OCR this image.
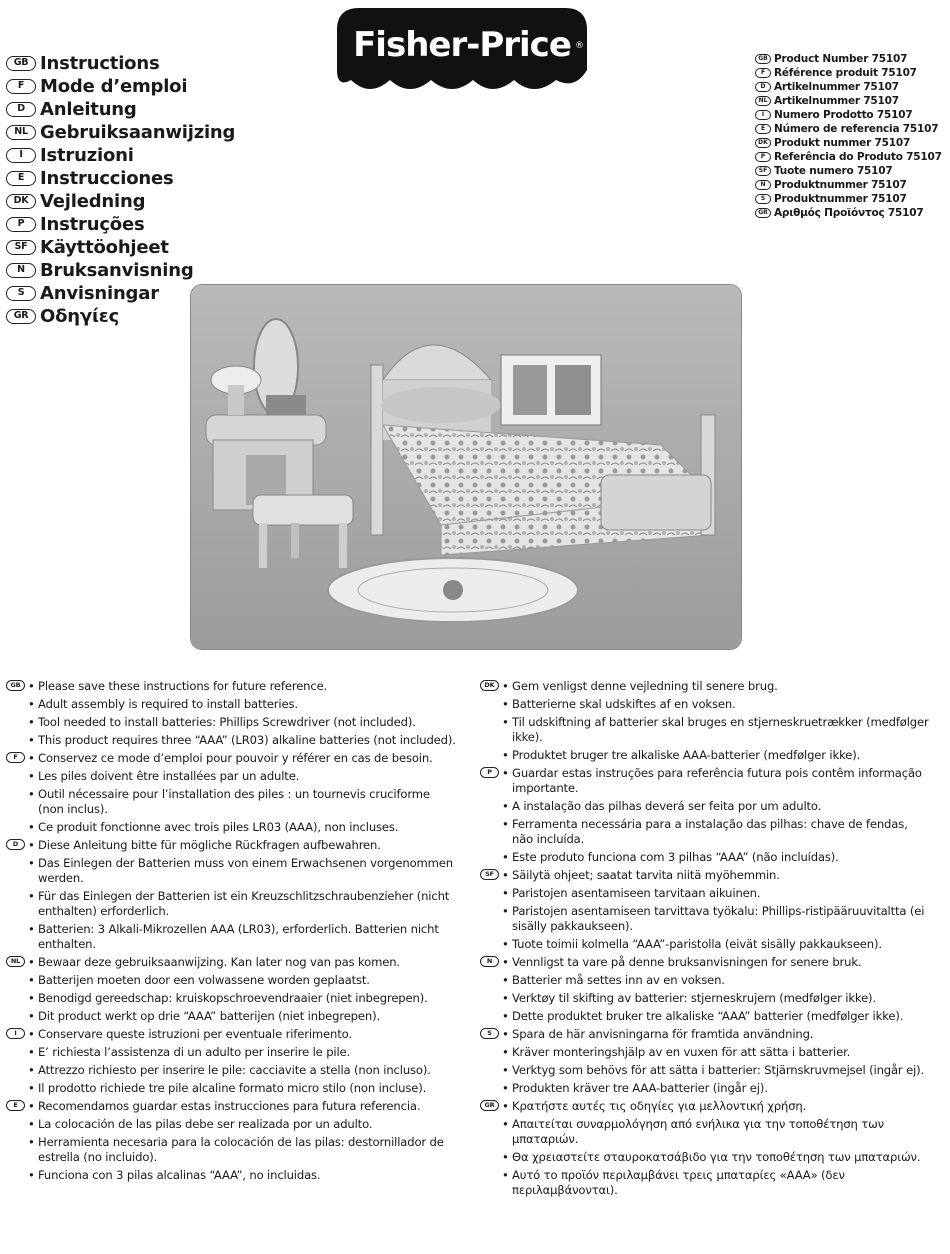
Fisher-Price ®
GB Instructions
F Mode d’emploi
D Anleitung
NL Gebruiksaanwijzing
I Istruzioni
E Instrucciones
DK Vejledning
P Instruções
SF Käyttöohjeet
N Bruksanvisning
S Anvisningar
GR Οδηγίες
GB Product Number 75107
F Référence produit 75107
D Artikelnummer 75107
NL Artikelnummer 75107
I Numero Prodotto 75107
E Número de referencia 75107
DK Produkt nummer 75107
P Referência do Produto 75107
SF Tuote numero 75107
N Produktnummer 75107
S Produktnummer 75107
GR Αριθμός Προϊόντος 75107
GB • Please save these instructions for future reference.
• Adult assembly is required to install batteries.
• Tool needed to install batteries: Phillips Screwdriver (not included).
• This product requires three “AAA” (LR03) alkaline batteries (not included).
F • Conservez ce mode d’emploi pour pouvoir y référer en cas de besoin.
• Les piles doivent être installées par un adulte.
• Outil nécessaire pour l’installation des piles : un tournevis cruciforme (non inclus).
• Ce produit fonctionne avec trois piles LR03 (AAA), non incluses.
D • Diese Anleitung bitte für mögliche Rückfragen aufbewahren.
• Das Einlegen der Batterien muss von einem Erwachsenen vorgenommen werden.
• Für das Einlegen der Batterien ist ein Kreuzschlitzschraubenzieher (nicht enthalten) erforderlich.
• Batterien: 3 Alkali-Mikrozellen AAA (LR03), erforderlich. Batterien nicht enthalten.
NL • Bewaar deze gebruiksaanwijzing. Kan later nog van pas komen.
• Batterijen moeten door een volwassene worden geplaatst.
• Benodigd gereedschap: kruiskopschroevendraaier (niet inbegrepen).
• Dit product werkt op drie “AAA” batterijen (niet inbegrepen).
I • Conservare queste istruzioni per eventuale riferimento.
• E’ richiesta l’assistenza di un adulto per inserire le pile.
• Attrezzo richiesto per inserire le pile: cacciavite a stella (non incluso).
• Il prodotto richiede tre pile alcaline formato micro stilo (non incluse).
E • Recomendamos guardar estas instrucciones para futura referencia.
• La colocación de las pilas debe ser realizada por un adulto.
• Herramienta necesaria para la colocación de las pilas: destornillador de estrella (no incluido).
• Funciona con 3 pilas alcalinas “AAA”, no incluidas.
DK • Gem venligst denne vejledning til senere brug.
• Batterierne skal udskiftes af en voksen.
• Til udskiftning af batterier skal bruges en stjerneskruetrækker (medfølger ikke).
• Produktet bruger tre alkaliske AAA-batterier (medfølger ikke).
P • Guardar estas instruções para referência futura pois contêm informação importante.
• A instalação das pilhas deverá ser feita por um adulto.
• Ferramenta necessária para a instalação das pilhas: chave de fendas, não incluída.
• Este produto funciona com 3 pilhas “AAA” (não incluídas).
SF • Säilytä ohjeet; saatat tarvita niitä myöhemmin.
• Paristojen asentamiseen tarvitaan aikuinen.
• Paristojen asentamiseen tarvittava työkalu: Phillips-ristipääruuvitaltta (ei sisälly pakkaukseen).
• Tuote toimii kolmella “AAA”-paristolla (eivät sisälly pakkaukseen).
N • Vennligst ta vare på denne bruksanvisningen for senere bruk.
• Batterier må settes inn av en voksen.
• Verktøy til skifting av batterier: stjerneskrujern (medfølger ikke).
• Dette produktet bruker tre alkaliske “AAA” batterier (medfølger ikke).
S • Spara de här anvisningarna för framtida användning.
• Kräver monteringshjälp av en vuxen för att sätta i batterier.
• Verktyg som behövs för att sätta i batterier: Stjärnskruvmejsel (ingår ej).
• Produkten kräver tre AAA-batterier (ingår ej).
GR • Κρατήστε αυτές τις οδηγίες για μελλοντική χρήση.
• Απαιτείται συναρμολόγηση από ενήλικα για την τοποθέτηση των μπαταριών.
• Θα χρειαστείτε σταυροκατσάβιδο για την τοποθέτηση των μπαταριών.
• Αυτό το προϊόν περιλαμβάνει τρεις μπαταρίες «AAA» (δεν περιλαμβάνονται).
